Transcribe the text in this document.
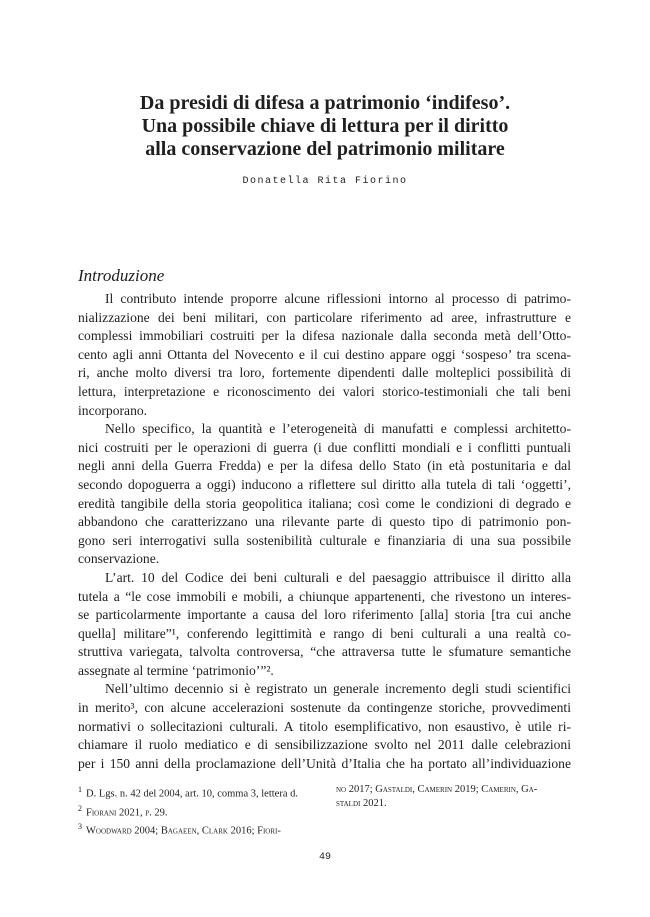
Da presidi di difesa a patrimonio ‘indifeso’.
Una possibile chiave di lettura per il diritto
alla conservazione del patrimonio militare
Donatella Rita Fiorino
Introduzione
Il contributo intende proporre alcune riflessioni intorno al processo di patrimo-
nializzazione dei beni militari, con particolare riferimento ad aree, infrastrutture e
complessi immobiliari costruiti per la difesa nazionale dalla seconda metà dell’Otto-
cento agli anni Ottanta del Novecento e il cui destino appare oggi ‘sospeso’ tra scena-
ri, anche molto diversi tra loro, fortemente dipendenti dalle molteplici possibilità di
lettura, interpretazione e riconoscimento dei valori storico-testimoniali che tali beni
incorporano.
Nello specifico, la quantità e l’eterogeneità di manufatti e complessi architetto-
nici costruiti per le operazioni di guerra (i due conflitti mondiali e i conflitti puntuali
negli anni della Guerra Fredda) e per la difesa dello Stato (in età postunitaria e dal
secondo dopoguerra a oggi) inducono a riflettere sul diritto alla tutela di tali ‘oggetti’,
eredità tangibile della storia geopolitica italiana; così come le condizioni di degrado e
abbandono che caratterizzano una rilevante parte di questo tipo di patrimonio pon-
gono seri interrogativi sulla sostenibilità culturale e finanziaria di una sua possibile
conservazione.
L’art. 10 del Codice dei beni culturali e del paesaggio attribuisce il diritto alla
tutela a “le cose immobili e mobili, a chiunque appartenenti, che rivestono un interes-
se particolarmente importante a causa del loro riferimento [alla] storia [tra cui anche
quella] militare”¹, conferendo legittimità e rango di beni culturali a una realtà co-
struttiva variegata, talvolta controversa, “che attraversa tutte le sfumature semantiche
assegnate al termine ‘patrimonio’”².
Nell’ultimo decennio si è registrato un generale incremento degli studi scientifici
in merito³, con alcune accelerazioni sostenute da contingenze storiche, provvedimenti
normativi o sollecitazioni culturali. A titolo esemplificativo, non esaustivo, è utile ri-
chiamare il ruolo mediatico e di sensibilizzazione svolto nel 2011 dalle celebrazioni
per i 150 anni della proclamazione dell’Unità d’Italia che ha portato all’individuazione
$^1$ D. Lgs. n. 42 del 2004, art. 10, comma 3, lettera d.
$^2$ Fiorani 2021, p. 29.
$^3$ Woodward 2004; Bagaeen, Clark 2016; Fiori-
no 2017; Gastaldi, Camerin 2019; Camerin, Ga-
staldi 2021.
49
